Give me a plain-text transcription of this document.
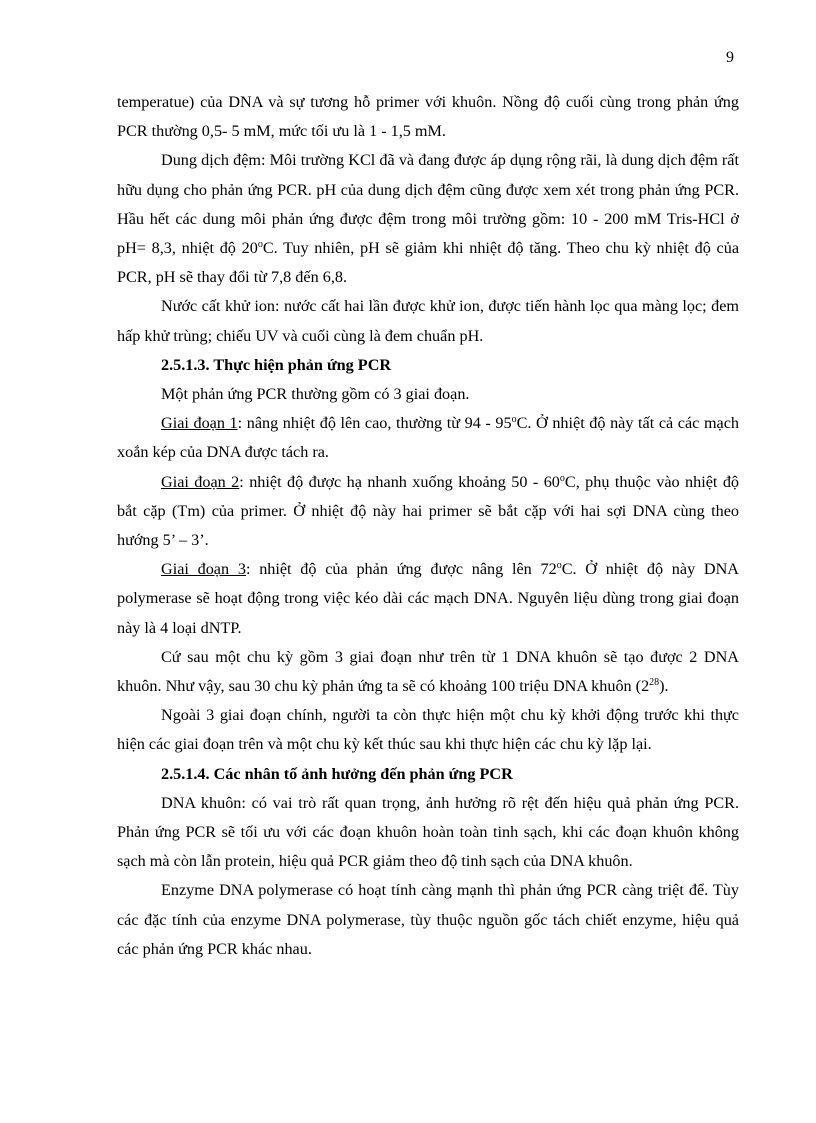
9

temperatue) của DNA và sự tương hỗ primer với khuôn. Nồng độ cuối cùng trong phản ứng PCR thường 0,5- 5 mM, mức tối ưu là 1 - 1,5 mM.

Dung dịch đệm: Môi trường KCl đã và đang được áp dụng rộng rãi, là dung dịch đệm rất hữu dụng cho phản ứng PCR. pH của dung dịch đệm cũng được xem xét trong phản ứng PCR. Hầu hết các dung môi phản ứng được đệm trong môi trường gồm: 10 - 200 mM Tris-HCl ở pH= 8,3, nhiệt độ 20$^o$C. Tuy nhiên, pH sẽ giảm khi nhiệt độ tăng. Theo chu kỳ nhiệt độ của PCR, pH sẽ thay đổi từ 7,8 đến 6,8.

Nước cất khử ion: nước cất hai lần được khử ion, được tiến hành lọc qua màng lọc; đem hấp khử trùng; chiếu UV và cuối cùng là đem chuẩn pH.

2.5.1.3. Thực hiện phản ứng PCR

Một phản ứng PCR thường gồm có 3 giai đoạn.

Giai đoạn 1: nâng nhiệt độ lên cao, thường từ 94 - 95$^o$C. Ở nhiệt độ này tất cả các mạch xoắn kép của DNA được tách ra.

Giai đoạn 2: nhiệt độ được hạ nhanh xuống khoảng 50 - 60$^o$C, phụ thuộc vào nhiệt độ bắt cặp (Tm) của primer. Ở nhiệt độ này hai primer sẽ bắt cặp với hai sợi DNA cùng theo hướng 5’ – 3’.

Giai đoạn 3: nhiệt độ của phản ứng được nâng lên 72$^o$C. Ở nhiệt độ này DNA polymerase sẽ hoạt động trong việc kéo dài các mạch DNA. Nguyên liệu dùng trong giai đoạn này là 4 loại dNTP.

Cứ sau một chu kỳ gồm 3 giai đoạn như trên từ 1 DNA khuôn sẽ tạo được 2 DNA khuôn. Như vậy, sau 30 chu kỳ phản ứng ta sẽ có khoảng 100 triệu DNA khuôn $(2^{28})$.

Ngoài 3 giai đoạn chính, người ta còn thực hiện một chu kỳ khởi động trước khi thực hiện các giai đoạn trên và một chu kỳ kết thúc sau khi thực hiện các chu kỳ lặp lại.

2.5.1.4. Các nhân tố ảnh hưởng đến phản ứng PCR

DNA khuôn: có vai trò rất quan trọng, ảnh hưởng rõ rệt đến hiệu quả phản ứng PCR. Phản ứng PCR sẽ tối ưu với các đoạn khuôn hoàn toàn tinh sạch, khi các đoạn khuôn không sạch mà còn lẫn protein, hiệu quả PCR giảm theo độ tinh sạch của DNA khuôn.

Enzyme DNA polymerase có hoạt tính càng mạnh thì phản ứng PCR càng triệt để. Tùy các đặc tính của enzyme DNA polymerase, tùy thuộc nguồn gốc tách chiết enzyme, hiệu quả các phản ứng PCR khác nhau.
